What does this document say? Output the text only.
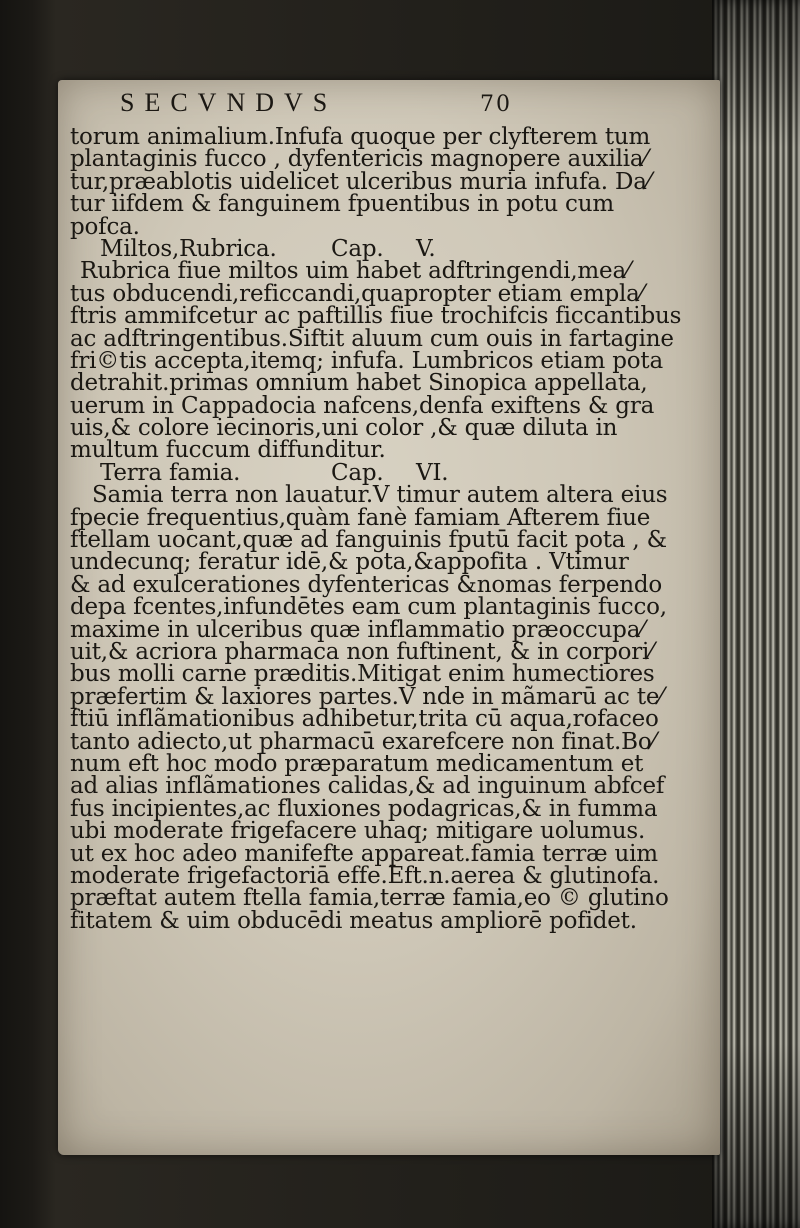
SECVNDVS	70
torum animalium.Infufa quoque per clyfterem tum
plantaginis fucco , dyfentericis magnopere auxilia⁄
tur,præablotis uidelicet ulceribus muria infufa. Da⁄
tur iifdem & fanguinem fpuentibus in potu cum
pofca.
Miltos,Rubrica. Cap. V.
Rubrica fiue miltos uim habet adftringendi,mea⁄
tus obducendi,reficcandi,quapropter etiam empla⁄
ftris ammifcetur ac paftillis fiue trochifcis ficcantibus
ac adftringentibus.Siftit aluum cum ouis in fartagine
fri©tis accepta,itemq; infufa. Lumbricos etiam pota
detrahit.primas omnium habet Sinopica appellata,
uerum in Cappadocia nafcens,denfa exiftens & gra
uis,& colore iecinoris,uni color ,& quæ diluta in
multum fuccum diffunditur.
Terra famia.	Cap. VI.
Samia terra non lauatur.V timur autem altera eius
fpecie frequentius,quàm fanè famiam Afterem fiue
ftellam uocant,quæ ad fanguinis fputū facit pota , &
undecunq; feratur idē,& pota,&appofita . Vtimur
& ad exulcerationes dyfentericas &nomas ferpendo
depa fcentes,infundētes eam cum plantaginis fucco,
maxime in ulceribus quæ inflammatio præoccupa⁄
uit,& acriora pharmaca non fuftinent, & in corpori⁄
bus molli carne præditis.Mitigat enim humectiores
præfertim & laxiores partes.V nde in mãmarū ac te⁄
ftiū inflãmationibus adhibetur,trita cū aqua,rofaceo
tanto adiecto,ut pharmacū exarefcere non finat.Bo⁄
num eft hoc modo præparatum medicamentum et
ad alias inflãmationes calidas,& ad inguinum abfcef
fus incipientes,ac fluxiones podagricas,& in fumma
ubi moderate frigefacere uhaq; mitigare uolumus.
ut ex hoc adeo manifefte appareat.famia terræ uim
moderate frigefactoriā effe.Eft.n.aerea & glutinofa.
præftat autem ftella famia,terræ famia,eo © glutino
fitatem & uim obducēdi meatus ampliorē pofidet.
